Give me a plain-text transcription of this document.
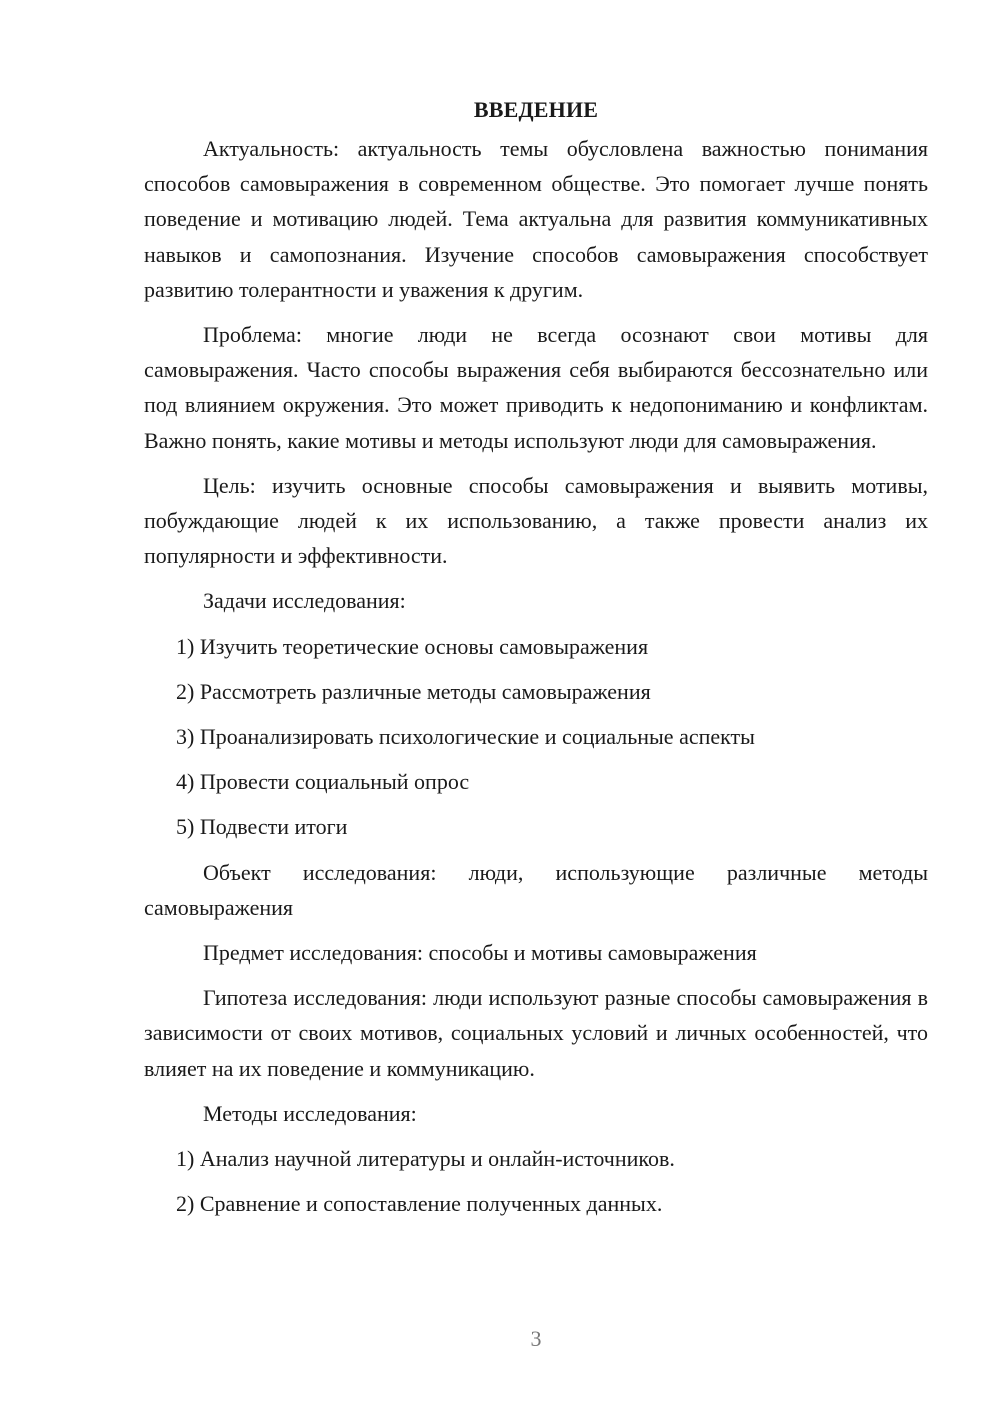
ВВЕДЕНИЕ

Актуальность: актуальность темы обусловлена важностью понимания способов самовыражения в современном обществе. Это помогает лучше понять поведение и мотивацию людей. Тема актуальна для развития коммуникативных навыков и самопознания. Изучение способов самовыражения способствует развитию толерантности и уважения к другим.

Проблема: многие люди не всегда осознают свои мотивы для самовыражения. Часто способы выражения себя выбираются бессознательно или под влиянием окружения. Это может приводить к недопониманию и конфликтам. Важно понять, какие мотивы и методы используют люди для самовыражения.

Цель: изучить основные способы самовыражения и выявить мотивы, побуждающие людей к их использованию, а также провести анализ их популярности и эффективности.

Задачи исследования:

1) Изучить теоретические основы самовыражения
2) Рассмотреть различные методы самовыражения
3) Проанализировать психологические и социальные аспекты
4) Провести социальный опрос
5) Подвести итоги

Объект исследования: люди, использующие различные методы самовыражения

Предмет исследования: способы и мотивы самовыражения

Гипотеза исследования: люди используют разные способы самовыражения в зависимости от своих мотивов, социальных условий и личных особенностей, что влияет на их поведение и коммуникацию.

Методы исследования:

1) Анализ научной литературы и онлайн-источников.
2) Сравнение и сопоставление полученных данных.
3
